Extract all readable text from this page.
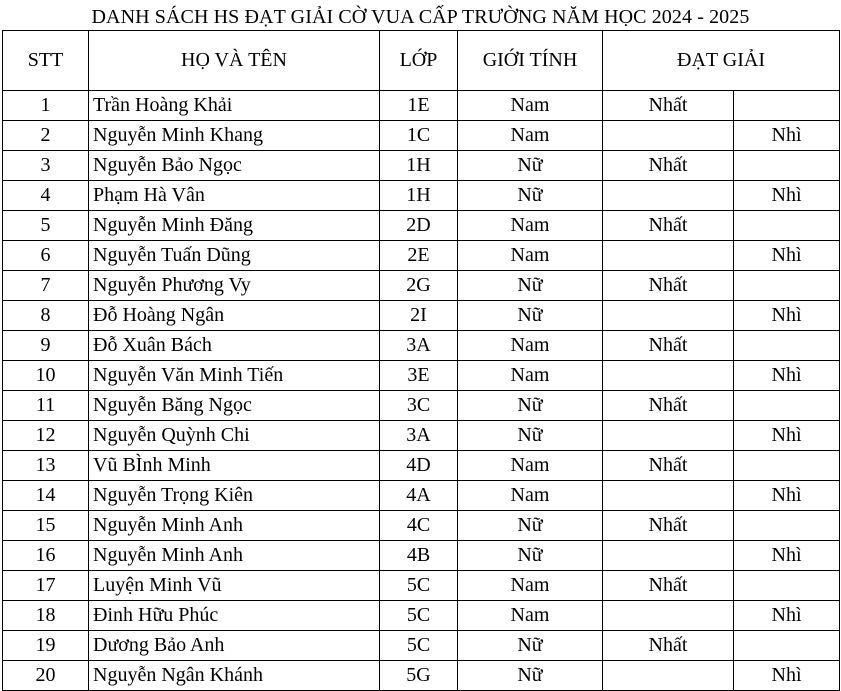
DANH SÁCH HS ĐẠT GIẢI CỜ VUA CẤP TRƯỜNG NĂM HỌC 2024 - 2025
STT	HỌ VÀ TÊN	LỚP	GIỚI TÍNH	ĐẠT GIẢI	
1	Trần Hoàng Khải	1E	Nam	Nhất	
2	Nguyễn Minh Khang	1C	Nam		Nhì
3	Nguyễn Bảo Ngọc	1H	Nữ	Nhất	
4	Phạm Hà Vân	1H	Nữ		Nhì
5	Nguyễn Minh Đăng	2D	Nam	Nhất	
6	Nguyễn Tuấn Dũng	2E	Nam		Nhì
7	Nguyễn Phương Vy	2G	Nữ	Nhất	
8	Đỗ Hoàng Ngân	2I	Nữ		Nhì
9	Đỗ Xuân Bách	3A	Nam	Nhất	
10	Nguyễn Văn Minh Tiến	3E	Nam		Nhì
11	Nguyễn Băng Ngọc	3C	Nữ	Nhất	
12	Nguyễn Quỳnh Chi	3A	Nữ		Nhì
13	Vũ BÌnh Minh	4D	Nam	Nhất	
14	Nguyễn Trọng Kiên	4A	Nam		Nhì
15	Nguyễn Minh Anh	4C	Nữ	Nhất	
16	Nguyễn Minh Anh	4B	Nữ		Nhì
17	Luyện Minh Vũ	5C	Nam	Nhất	
18	Đinh Hữu Phúc	5C	Nam		Nhì
19	Dương Bảo Anh	5C	Nữ	Nhất	
20	Nguyễn Ngân Khánh	5G	Nữ		Nhì
